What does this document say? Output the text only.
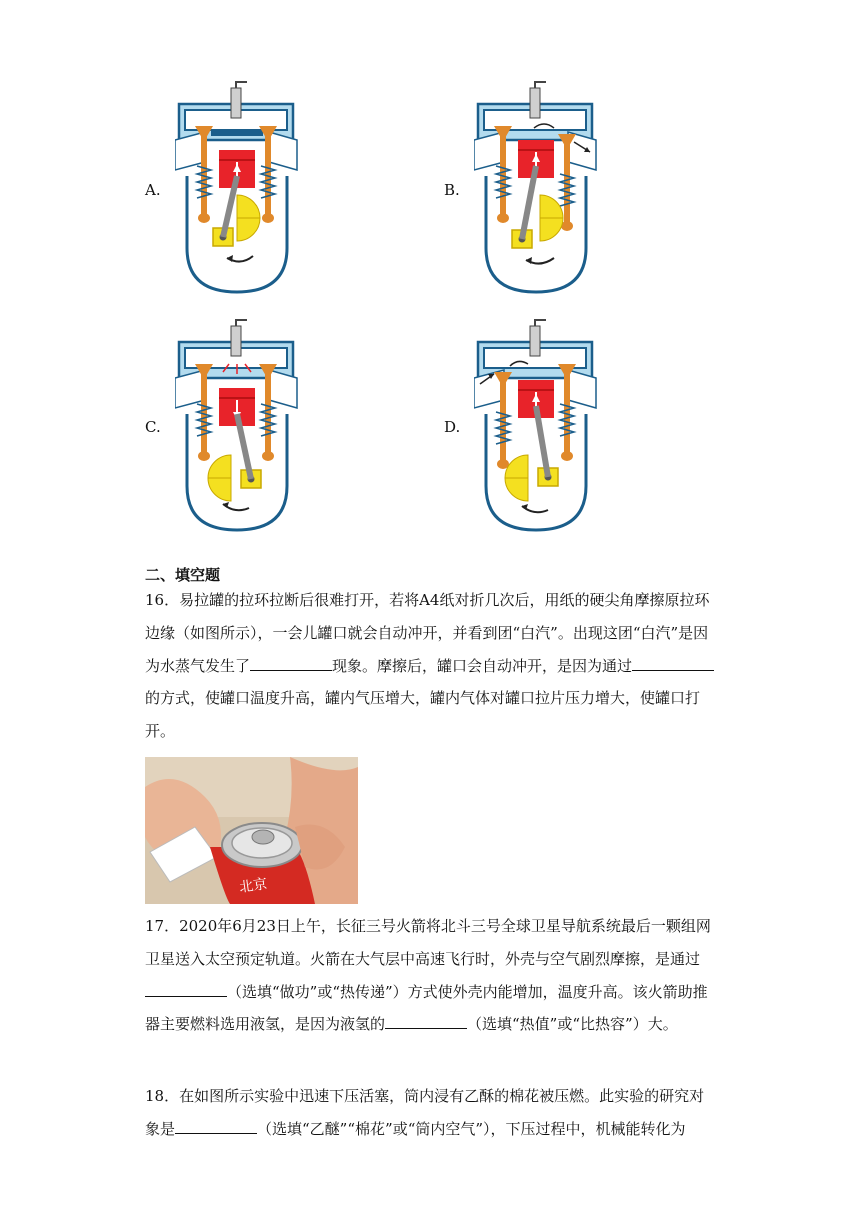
A.	B.
C.	D.
二、填空题

16．易拉罐的拉环拉断后很难打开，若将A4纸对折几次后，用纸的硬尖角摩擦原拉环边缘（如图所示），一会儿罐口就会自动冲开，并看到团“白汽”。出现这团“白汽”是因为水蒸气发生了	现象。摩擦后，罐口会自动冲开，是因为通过的方式，使罐口温度升高，罐内气压增大，罐内气体对罐口拉片压力增大，使罐口打开。

北京

17．2020年6月23日上午，长征三号火箭将北斗三号全球卫星导航系统最后一颗组网卫星送入太空预定轨道。火箭在大气层中高速飞行时，外壳与空气剧烈摩擦，是通过（选填“做功”或“热传递”）方式使外壳内能增加，温度升高。该火箭助推器主要燃料选用液氢，是因为液氢的	（选填“热值”或“比热容”）大。

18．在如图所示实验中迅速下压活塞，筒内浸有乙酥的棉花被压燃。此实验的研究对象是	（选填“乙醚”“棉花”或“筒内空气”），下压过程中，机械能转化为
